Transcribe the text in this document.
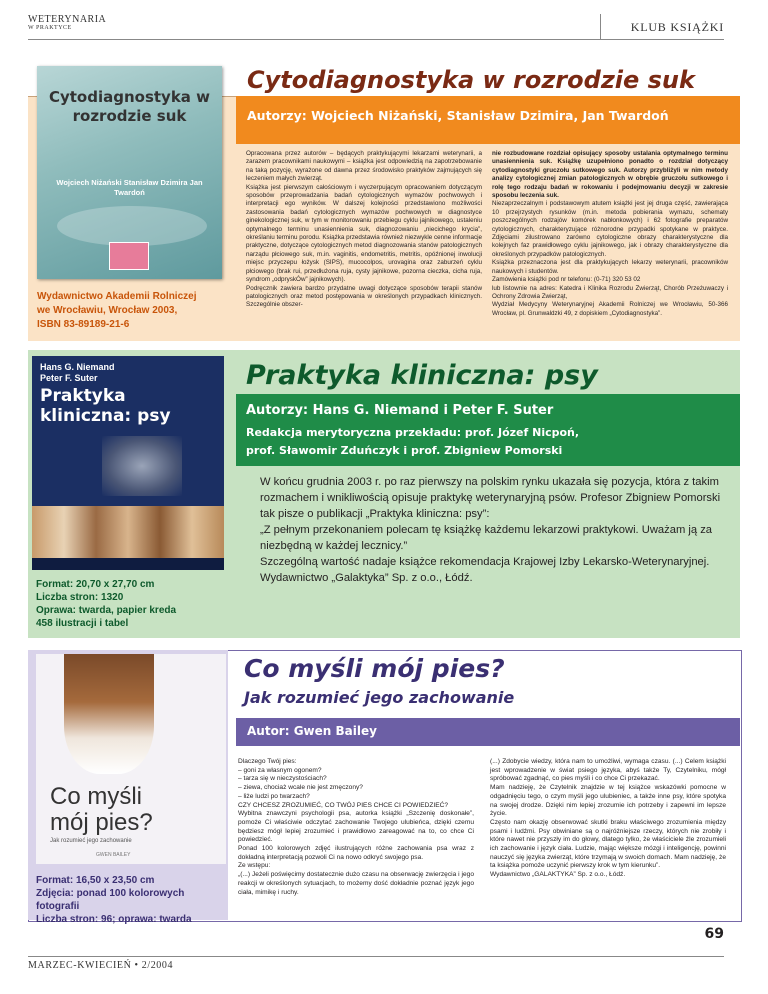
WETERYNARIA
W PRAKTYCE	KLUB KSIĄŻKI
Cytodiagnostyka w rozrodzie suk
Autorzy: Wojciech Niżański, Stanisław Dzimira, Jan Twardoń
Cytodiagnostyka w rozrodzie suk
Wojciech Niżański Stanisław Dzimira Jan Twardoń
Wydawnictwo Akademii Rolniczej
we Wrocławiu, Wrocław 2003,
ISBN 83-89189-21-6

Opracowana przez autorów – będących praktykującymi lekarzami weterynarii, a zarazem pracownikami naukowymi – książka jest odpowiedzią na zapotrzebowanie na taką pozycję, wyrażone od dawna przez środowisko praktyków zajmujących się leczeniem małych zwierząt.

Książka jest pierwszym całościowym i wyczerpującym opracowaniem dotyczącym sposobów przeprowadzania badań cytologicznych wymazów pochwowych i interpretacji ego wyników. W dalszej kolejności przedstawiono możliwości zastosowania badań cytologicznych wymazów pochwowych w diagnostyce ginekologicznej suk, w tym w monitorowaniu przebiegu cyklu jajnikowego, ustaleniu optymalnego terminu unasiennienia suk, diagnozowaniu „niecichego krycia”, określaniu terminu porodu. Książka przedstawia również niezwykle cenne informacje praktyczne, dotyczące cytologicznych metod diagnozowania stanów patologicznych narządu płciowego suk, m.in. vaginitis, endometritis, metritis, opóźnionej inwolucji miejsc przyczepu łożysk (SIPS), mucocolpos, urovagina oraz zaburzeń cyklu płciowego (brak rui, przedłużona ruja, cysty jajnikowe, pozorna cieczka, cicha ruja, syndrom „odpryskÓw” jajnikowych).

Podręcznik zawiera bardzo przydatne uwagi dotyczące sposobów terapii stanów patologicznych oraz metod postępowania w określonych przypadkach klinicznych. Szczególnie obszer-

nie rozbudowane rozdział opisujący sposoby ustalania optymalnego terminu unasiennienia suk. Książkę uzupełniono ponadto o rozdział dotyczący cytodiagnostyki gruczołu sutkowego suk. Autorzy przybliżyli w nim metody analizy cytologicznej zmian patologicznych w obrębie gruczołu sutkowego i rolę tego rodzaju badań w rokowaniu i podejmowaniu decyzji w zakresie sposobu leczenia suk.

Niezaprzeczalnym i podstawowym atutem książki jest jej druga część, zawierająca 10 przejrzystych rysunków (m.in. metoda pobierania wymazu, schematy poszczególnych rodzajów komórek nabłonkowych) i 62 fotografie preparatów cytologicznych, charakteryzujące różnorodne przypadki spotykane w praktyce. Zdjęciami zilustrowano zarówno cytologiczne obrazy charakterystyczne dla kolejnych faz prawidłowego cyklu jajnikowego, jak i obrazy charakterystyczne dla określonych przypadków patologicznych.

Książka przeznaczona jest dla praktykujących lekarzy weterynarii, pracowników naukowych i studentów.

Zamówienia książki pod nr telefonu: (0-71) 320 53 02

lub listownie na adres: Katedra i Klinika Rozrodu Zwierząt, Chorób Przeżuwaczy i Ochrony Zdrowia Zwierząt,

Wydział Medycyny Weterynaryjnej Akademii Rolniczej we Wrocławiu, 50-366 Wrocław, pl. Grunwaldzki 49, z dopiskiem „Cytodiagnostyka”.

Praktyka kliniczna: psy
Autorzy: Hans G. Niemand i Peter F. Suter
Redakcja merytoryczna przekładu: prof. Józef Nicpoń,
prof. Sławomir Zduńczyk i prof. Zbigniew Pomorski
Hans G. Niemand
Peter F. Suter
Praktyka
kliniczna: psy
Format: 20,70 x 27,70 cm
Liczba stron: 1320
Oprawa: twarda, papier kreda
458 ilustracji i tabel

W końcu grudnia 2003 r. po raz pierwszy na polskim rynku ukazała się pozycja, która z takim rozmachem i wnikliwością opisuje praktykę weterynaryjną psów. Profesor Zbigniew Pomorski tak pisze o publikacji „Praktyka kliniczna: psy”:

„Z pełnym przekonaniem polecam tę książkę każdemu lekarzowi praktykowi. Uważam ją za niezbędną w każdej lecznicy.”

Szczególną wartość nadaje książce rekomendacja Krajowej Izby Lekarsko-Weterynaryjnej.

Wydawnictwo „Galaktyka” Sp. z o.o., Łódź.

Co myśli mój pies?
Jak rozumieć jego zachowanie
Autor: Gwen Bailey
Co myśli
mój pies?
Jak rozumieć jego zachowanie
GWEN BAILEY
Format: 16,50 x 23,50 cm
Zdjęcia: ponad 100 kolorowych
fotografii
Liczba stron: 96; oprawa: twarda

Dlaczego Twój pies:

– goni za własnym ogonem?

– tarza się w nieczystościach?

– ziewa, chociaż wcale nie jest zmęczony?

– liże ludzi po twarzach?

CZY CHCESZ ZROZUMIEĆ, CO TWÓJ PIES CHCE CI POWIEDZIEĆ?

Wybitna znawczyni psychologii psa, autorka książki „Szczenię doskonałe”, pomoże Ci właściwie odczytać zachowanie Twojego ulubieńca, dzięki czemu będziesz mógł lepiej zrozumieć i prawidłowo zareagować na to, co chce Ci powiedzieć.

Ponad 100 kolorowych zdjęć ilustrujących różne zachowania psa wraz z dokładną interpretacją pozwoli Ci na nowo odkryć swojego psa.

Ze wstępu:

„(...) Jeżeli poświęcimy dostatecznie dużo czasu na obserwację zwierzęcia i jego reakcji w określonych sytuacjach, to możemy dość dokładnie poznać język jego ciała, mimikę i ruchy.

(...) Zdobycie wiedzy, która nam to umożliwi, wymaga czasu. (...) Celem książki jest wprowadzenie w świat psiego języka, abyś także Ty, Czytelniku, mógł spróbować zgadnąć, co pies myśli i co chce Ci przekazać.

Mam nadzieję, że Czytelnik znajdzie w tej książce wskazówki pomocne w odgadnięciu tego, o czym myśli jego ulubieniec, a także inne psy, które spotyka na swojej drodze. Dzięki nim lepiej zrozumie ich potrzeby i zapewni im lepsze życie.

Często nam okazję obserwować skutki braku właściwego zrozumienia między psami i ludźmi. Psy obwiniane są o najróżniejsze rzeczy, których nie zrobiły i które nawet nie przyszły im do głowy, dlatego tylko, że właściciele źle zrozumieli ich zachowanie i język ciała. Ludzie, mając większe mózgi i inteligencję, powinni nauczyć się języka zwierząt, które trzymają w swoich domach. Mam nadzieję, że ta książka pomoże uczynić pierwszy krok w tym kierunku”.

Wydawnictwo „GALAKTYKA” Sp. z o.o., Łódź.

MARZEC-KWIECIEŃ • 2/2004
69
